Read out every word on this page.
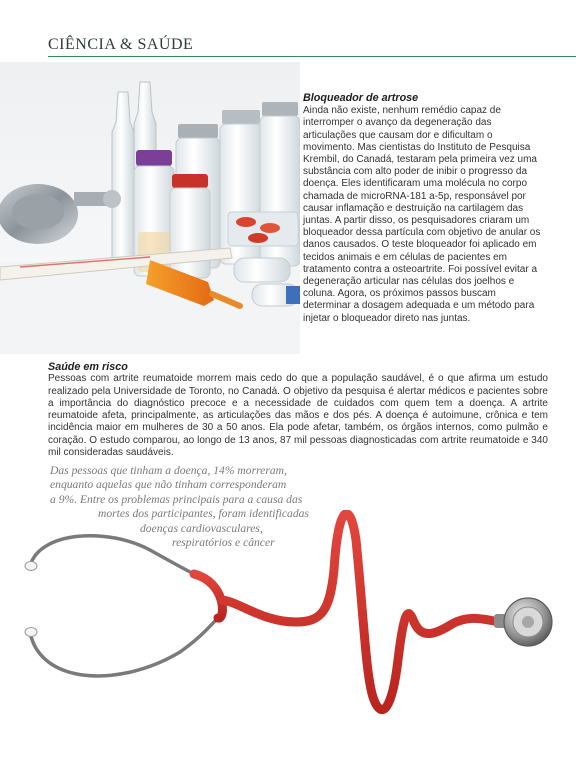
CIÊNCIA & SAÚDE
Bloqueador de artrose

Ainda não existe, nenhum remédio capaz de interromper o avanço da degeneração das articulações que causam dor e dificultam o movimento. Mas cientistas do Instituto de Pesquisa Krembil, do Canadá, testaram pela primeira vez uma substância com alto poder de inibir o progresso da doença. Eles identificaram uma molécula no corpo chamada de microRNA-181 a-5p, responsável por causar inflamação e destruição na cartilagem das juntas. A partir disso, os pesquisadores criaram um bloqueador dessa partícula com objetivo de anular os danos causados. O teste bloqueador foi aplicado em tecidos animais e em células de pacientes em tratamento contra a osteoartrite. Foi possível evitar a degeneração articular nas células dos joelhos e coluna. Agora, os próximos passos buscam determinar a dosagem adequada e um método para injetar o bloqueador direto nas juntas.

Saúde em risco

Pessoas com artrite reumatoide morrem mais cedo do que a população saudável, é o que afirma um estudo realizado pela Universidade de Toronto, no Canadá. O objetivo da pesquisa é alertar médicos e pacientes sobre a importância do diagnóstico precoce e a necessidade de cuidados com quem tem a doença. A artrite reumatoide afeta, principalmente, as articulações das mãos e dos pés. A doença é autoimune, crônica e tem incidência maior em mulheres de 30 a 50 anos. Ela pode afetar, também, os órgãos internos, como pulmão e coração. O estudo comparou, ao longo de 13 anos, 87 mil pessoas diagnosticadas com artrite reumatoide e 340 mil consideradas saudáveis.

Das pessoas que tinham a doença, 14% morreram,
enquanto aquelas que não tinham corresponderam
a 9%. Entre os problemas principais para a causa das
mortes dos participantes, foram identificadas
doenças cardiovasculares,
respiratórios e câncer
